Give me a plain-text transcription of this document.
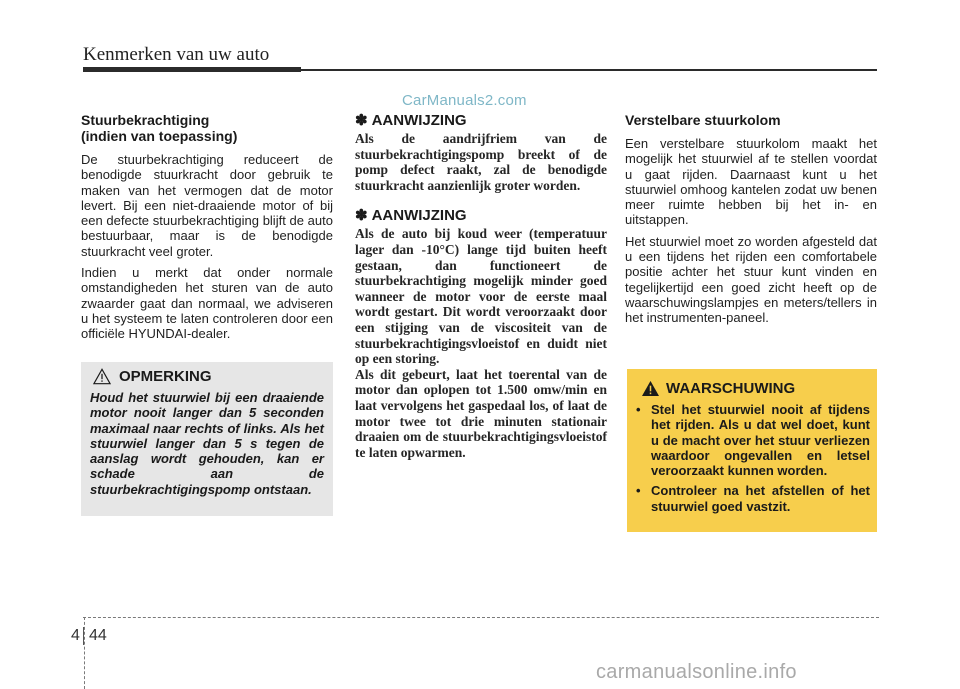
Kenmerken van uw auto
CarManuals2.com
Stuurbekrachtiging
(indien van toepassing)

De stuurbekrachtiging reduceert de benodigde stuurkracht door gebruik te maken van het vermogen dat de motor levert. Bij een niet-draaiende motor of bij een defecte stuurbekrachtiging blijft de auto bestuurbaar, maar is de benodigde stuurkracht veel groter.

Indien u merkt dat onder normale omstandigheden het sturen van de auto zwaarder gaat dan normaal, we adviseren u het systeem te laten controleren door een officiële HYUNDAI-dealer.

OPMERKING
Houd het stuurwiel bij een draaiende motor nooit langer dan 5 seconden maximaal naar rechts of links. Als het stuurwiel langer dan 5 s tegen de aanslag wordt gehouden, kan er schade aan de stuurbekrachtigingspomp ontstaan.
✽ AANWIJZING

Als de aandrijfriem van de stuurbekrachtigingspomp breekt of de pomp defect raakt, zal de benodigde stuurkracht aanzienlijk groter worden.

✽ AANWIJZING

Als de auto bij koud weer (temperatuur lager dan -10°C) lange tijd buiten heeft gestaan, dan functioneert de stuurbekrachtiging mogelijk minder goed wanneer de motor voor de eerste maal wordt gestart. Dit wordt veroorzaakt door een stijging van de viscositeit van de stuurbekrachtigingsvloeistof en duidt niet op een storing.

Als dit gebeurt, laat het toerental van de motor dan oplopen tot 1.500 omw/min en laat vervolgens het gaspedaal los, of laat de motor twee tot drie minuten stationair draaien om de stuurbekrachtigingsvloeistof te laten opwarmen.

Verstelbare stuurkolom

Een verstelbare stuurkolom maakt het mogelijk het stuurwiel af te stellen voordat u gaat rijden. Daarnaast kunt u het stuurwiel omhoog kantelen zodat uw benen meer ruimte hebben bij het in- en uitstappen.

Het stuurwiel moet zo worden afgesteld dat u een tijdens het rijden een comfortabele positie achter het stuur kunt vinden en tegelijkertijd een goed zicht heeft op de waarschuwingslampjes en meters/tellers in het instrumenten-paneel.

WAARSCHUWING
• Stel het stuurwiel nooit af tijdens het rijden. Als u dat wel doet, kunt u de macht over het stuur verliezen waardoor ongevallen en letsel veroorzaakt kunnen worden.
• Controleer na het afstellen of het stuurwiel goed vastzit.
4 44
carmanualsonline.info
